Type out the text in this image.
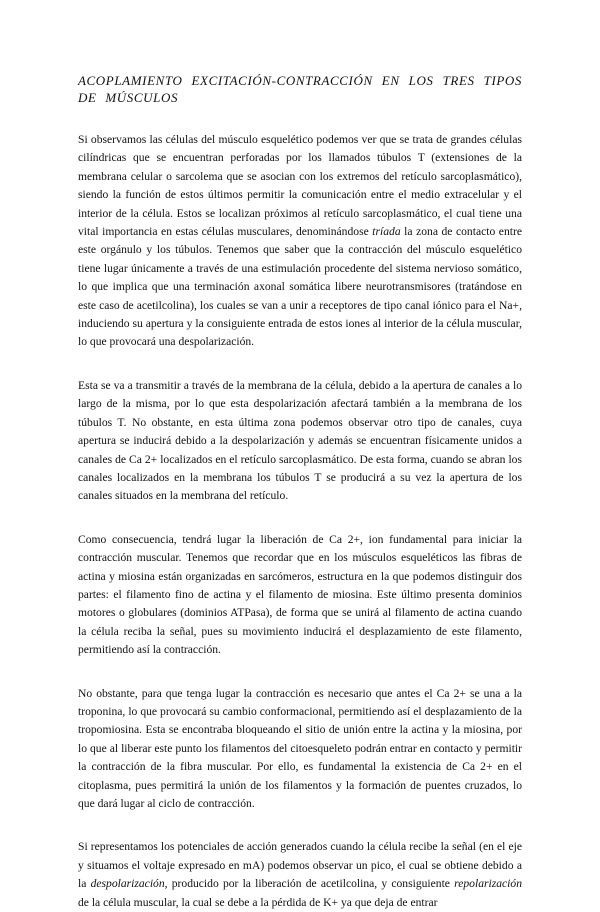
ACOPLAMIENTO EXCITACIÓN-CONTRACCIÓN EN LOS TRES TIPOS DE MÚSCULOS

Si observamos las células del músculo esquelético podemos ver que se trata de grandes células cilíndricas que se encuentran perforadas por los llamados túbulos T (extensiones de la membrana celular o sarcolema que se asocian con los extremos del retículo sarcoplasmático), siendo la función de estos últimos permitir la comunicación entre el medio extracelular y el interior de la célula. Estos se localizan próximos al retículo sarcoplasmático, el cual tiene una vital importancia en estas células musculares, denominándose tríada la zona de contacto entre este orgánulo y los túbulos. Tenemos que saber que la contracción del músculo esquelético tiene lugar únicamente a través de una estimulación procedente del sistema nervioso somático, lo que implica que una terminación axonal somática libere neurotransmisores (tratándose en este caso de acetilcolina), los cuales se van a unir a receptores de tipo canal iónico para el Na+, induciendo su apertura y la consiguiente entrada de estos iones al interior de la célula muscular, lo que provocará una despolarización.

Esta se va a transmitir a través de la membrana de la célula, debido a la apertura de canales a lo largo de la misma, por lo que esta despolarización afectará también a la membrana de los túbulos T. No obstante, en esta última zona podemos observar otro tipo de canales, cuya apertura se inducirá debido a la despolarización y además se encuentran físicamente unidos a canales de Ca 2+ localizados en el retículo sarcoplasmático. De esta forma, cuando se abran los canales localizados en la membrana los túbulos T se producirá a su vez la apertura de los canales situados en la membrana del retículo.

Como consecuencia, tendrá lugar la liberación de Ca 2+, ion fundamental para iniciar la contracción muscular. Tenemos que recordar que en los músculos esqueléticos las fibras de actina y miosina están organizadas en sarcómeros, estructura en la que podemos distinguir dos partes: el filamento fino de actina y el filamento de miosina. Este último presenta dominios motores o globulares (dominios ATPasa), de forma que se unirá al filamento de actina cuando la célula reciba la señal, pues su movimiento inducirá el desplazamiento de este filamento, permitiendo así la contracción.

No obstante, para que tenga lugar la contracción es necesario que antes el Ca 2+ se una a la troponina, lo que provocará su cambio conformacional, permitiendo así el desplazamiento de la tropomiosina. Esta se encontraba bloqueando el sitio de unión entre la actina y la miosina, por lo que al liberar este punto los filamentos del citoesqueleto podrán entrar en contacto y permitir la contracción de la fibra muscular. Por ello, es fundamental la existencia de Ca 2+ en el citoplasma, pues permitirá la unión de los filamentos y la formación de puentes cruzados, lo que dará lugar al ciclo de contracción.

Si representamos los potenciales de acción generados cuando la célula recibe la señal (en el eje y situamos el voltaje expresado en mA) podemos observar un pico, el cual se obtiene debido a la despolarización, producido por la liberación de acetilcolina, y consiguiente repolarización de la célula muscular, la cual se debe a la pérdida de K+ ya que deja de entrar
